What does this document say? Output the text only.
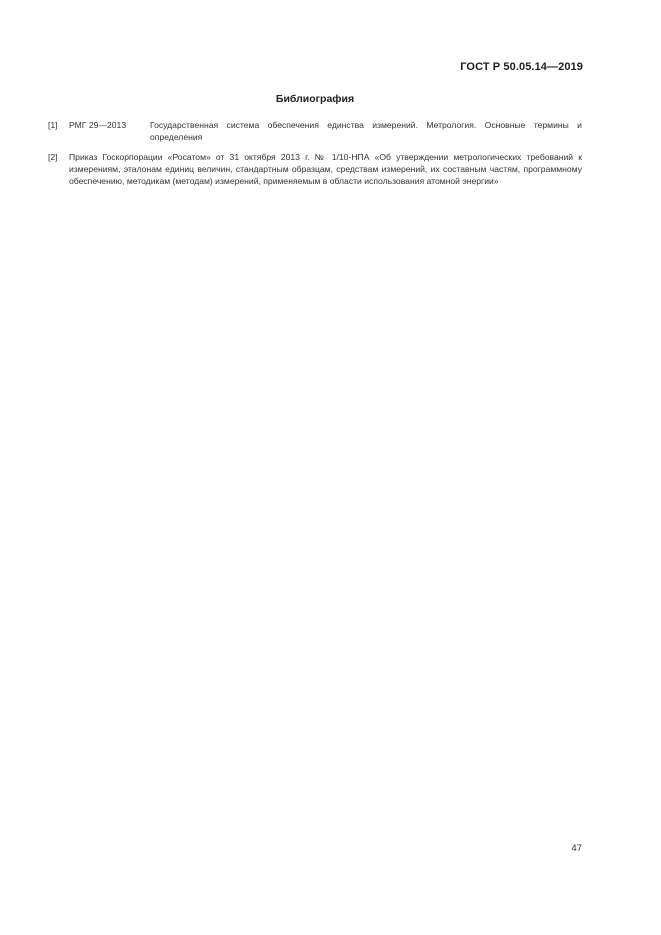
ГОСТ Р 50.05.14—2019
Библиография
[1] РМГ 29—2013	Государственная система обеспечения единства измерений. Метрология. Основные термины и определения
[2] Приказ Госкорпорации «Росатом» от 31 октября 2013 г. № 1/10-НПА «Об утверждении метрологических требований к измерениям, эталонам единиц величин, стандартным образцам, средствам измерений, их составным частям, программному обеспечению, методикам (методам) измерений, применяемым в области использования атомной энергии»
47
